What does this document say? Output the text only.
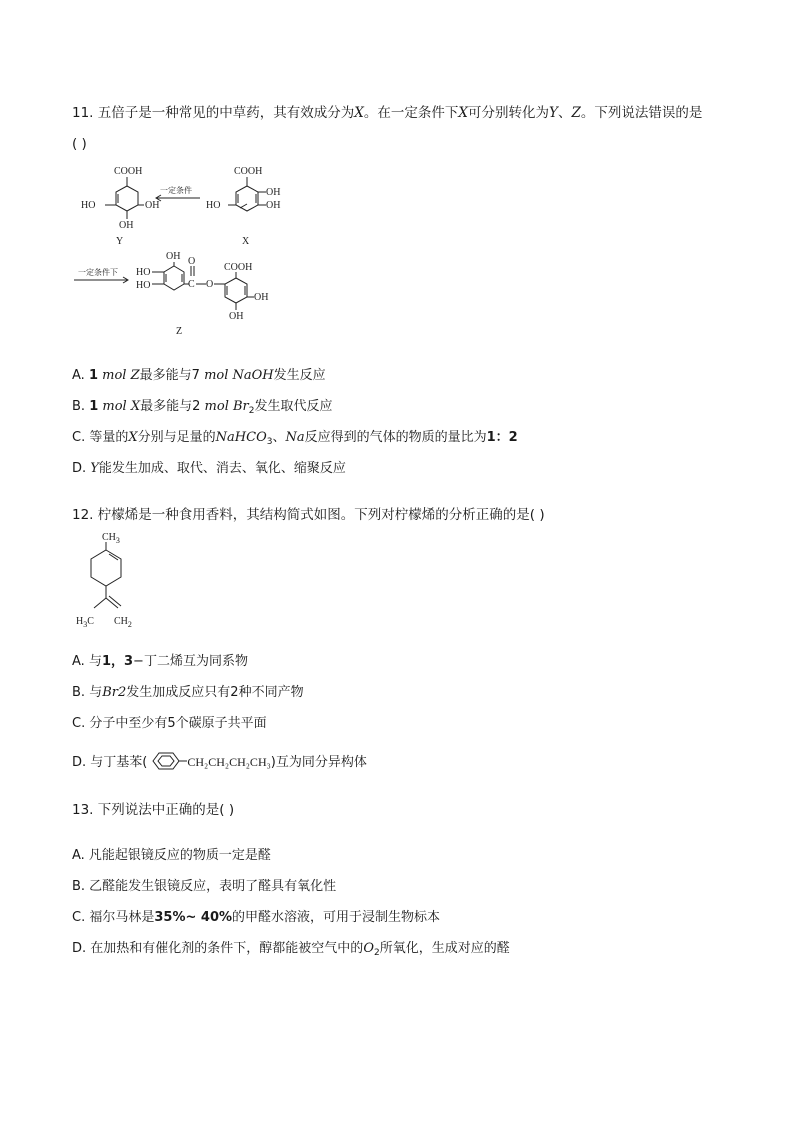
11. 五倍子是一种常见的中草药，其有效成分为X。在一定条件下X可分别转化为Y、Z。下列说法错误的是
( )
COOH
HO	OH
OH
Y
一定条件
COOH
OH
HO	OH
X
一定条件下
OH
HO
HO	C
O
O
COOH
OH
OH
Z
A. 1 mol Z最多能与7 mol NaOH发生反应
B. 1 mol X最多能与2 mol $Br_2$发生取代反应
C. 等量的X分别与足量的NaHCO$_3$、Na反应得到的气体的物质的量比为1：2
D. Y能发生加成、取代、消去、氧化、缩聚反应
12. 柠檬烯是一种食用香料，其结构简式如图。下列对柠檬烯的分析正确的是( )
$CH_3$
$H_3C$ $CH_2$
A. 与1，3−丁二烯互为同系物
B. 与Br2发生加成反应只有2种不同产物
C. 分子中至少有5个碳原子共平面
D. 与丁基苯(	CH₂CH₂CH₂CH₃)互为同分异构体
13. 下列说法中正确的是( )
A. 凡能起银镜反应的物质一定是醛
B. 乙醛能发生银镜反应，表明了醛具有氧化性
C. 福尔马林是35%~ 40%的甲醛水溶液，可用于浸制生物标本
D. 在加热和有催化剂的条件下，醇都能被空气中的$O_2$所氧化，生成对应的醛
